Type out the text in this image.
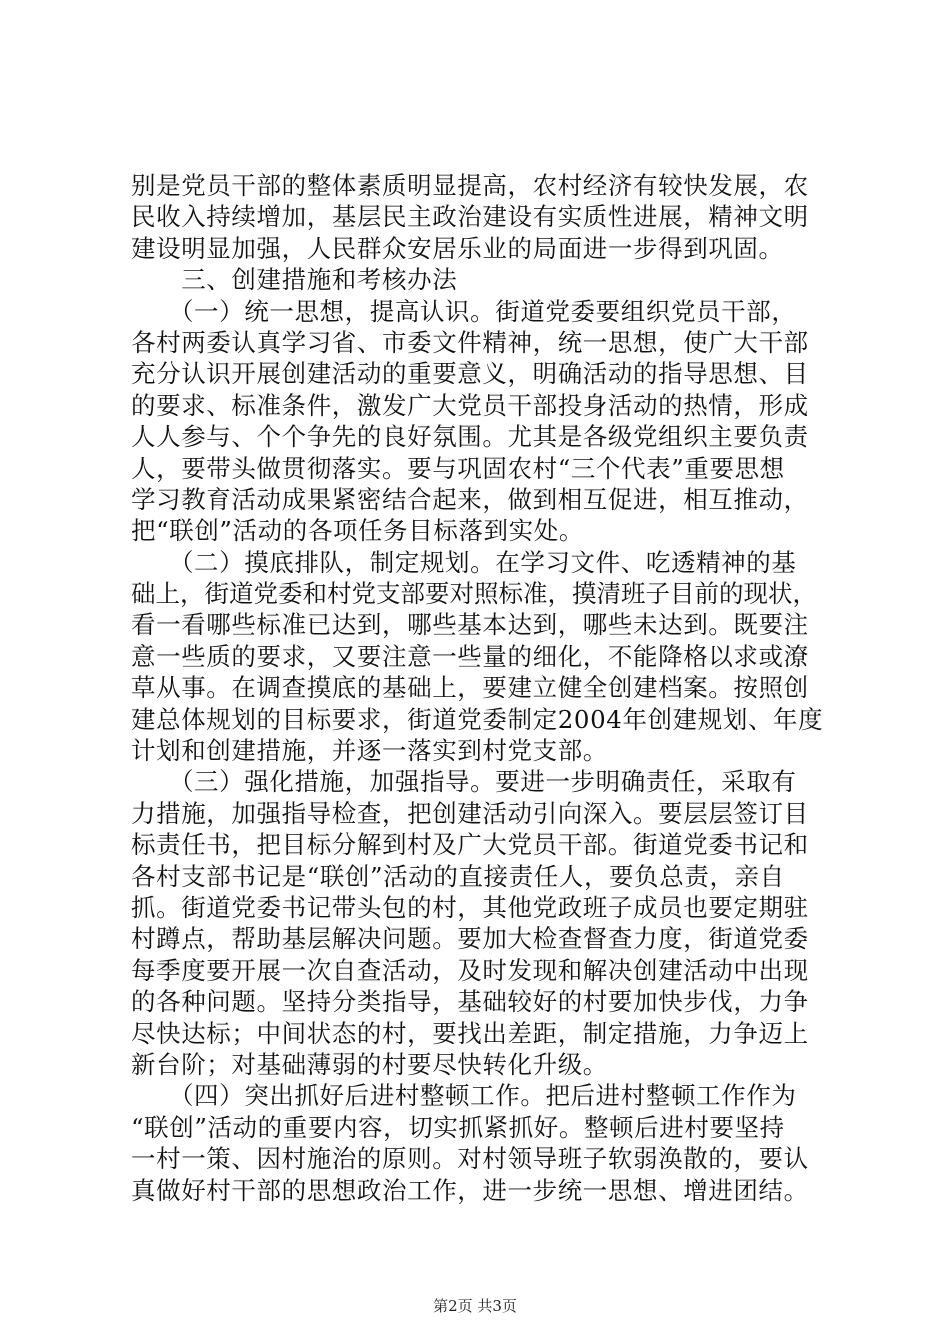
别是党员干部的整体素质明显提高，农村经济有较快发展，农
民收入持续增加，基层民主政治建设有实质性进展，精神文明
建设明显加强，人民群众安居乐业的局面进一步得到巩固。
　　三、创建措施和考核办法
　　（一）统一思想，提高认识。街道党委要组织党员干部，
各村两委认真学习省、市委文件精神，统一思想，使广大干部
充分认识开展创建活动的重要意义，明确活动的指导思想、目
的要求、标准条件，激发广大党员干部投身活动的热情，形成
人人参与、个个争先的良好氛围。尤其是各级党组织主要负责
人，要带头做贯彻落实。要与巩固农村“三个代表”重要思想
学习教育活动成果紧密结合起来，做到相互促进，相互推动，
把“联创”活动的各项任务目标落到实处。
　　（二）摸底排队，制定规划。在学习文件、吃透精神的基
础上，街道党委和村党支部要对照标准，摸清班子目前的现状，
看一看哪些标准已达到，哪些基本达到，哪些未达到。既要注
意一些质的要求，又要注意一些量的细化，不能降格以求或潦
草从事。在调查摸底的基础上，要建立健全创建档案。按照创
建总体规划的目标要求，街道党委制定2004年创建规划、年度
计划和创建措施，并逐一落实到村党支部。
　　（三）强化措施，加强指导。要进一步明确责任，采取有
力措施，加强指导检查，把创建活动引向深入。要层层签订目
标责任书，把目标分解到村及广大党员干部。街道党委书记和
各村支部书记是“联创”活动的直接责任人，要负总责，亲自
抓。街道党委书记带头包的村，其他党政班子成员也要定期驻
村蹲点，帮助基层解决问题。要加大检查督查力度，街道党委
每季度要开展一次自查活动，及时发现和解决创建活动中出现
的各种问题。坚持分类指导，基础较好的村要加快步伐，力争
尽快达标；中间状态的村，要找出差距，制定措施，力争迈上
新台阶；对基础薄弱的村要尽快转化升级。
　　（四）突出抓好后进村整顿工作。把后进村整顿工作作为
“联创”活动的重要内容，切实抓紧抓好。整顿后进村要坚持
一村一策、因村施治的原则。对村领导班子软弱涣散的，要认
真做好村干部的思想政治工作，进一步统一思想、增进团结。
第2页 共3页
